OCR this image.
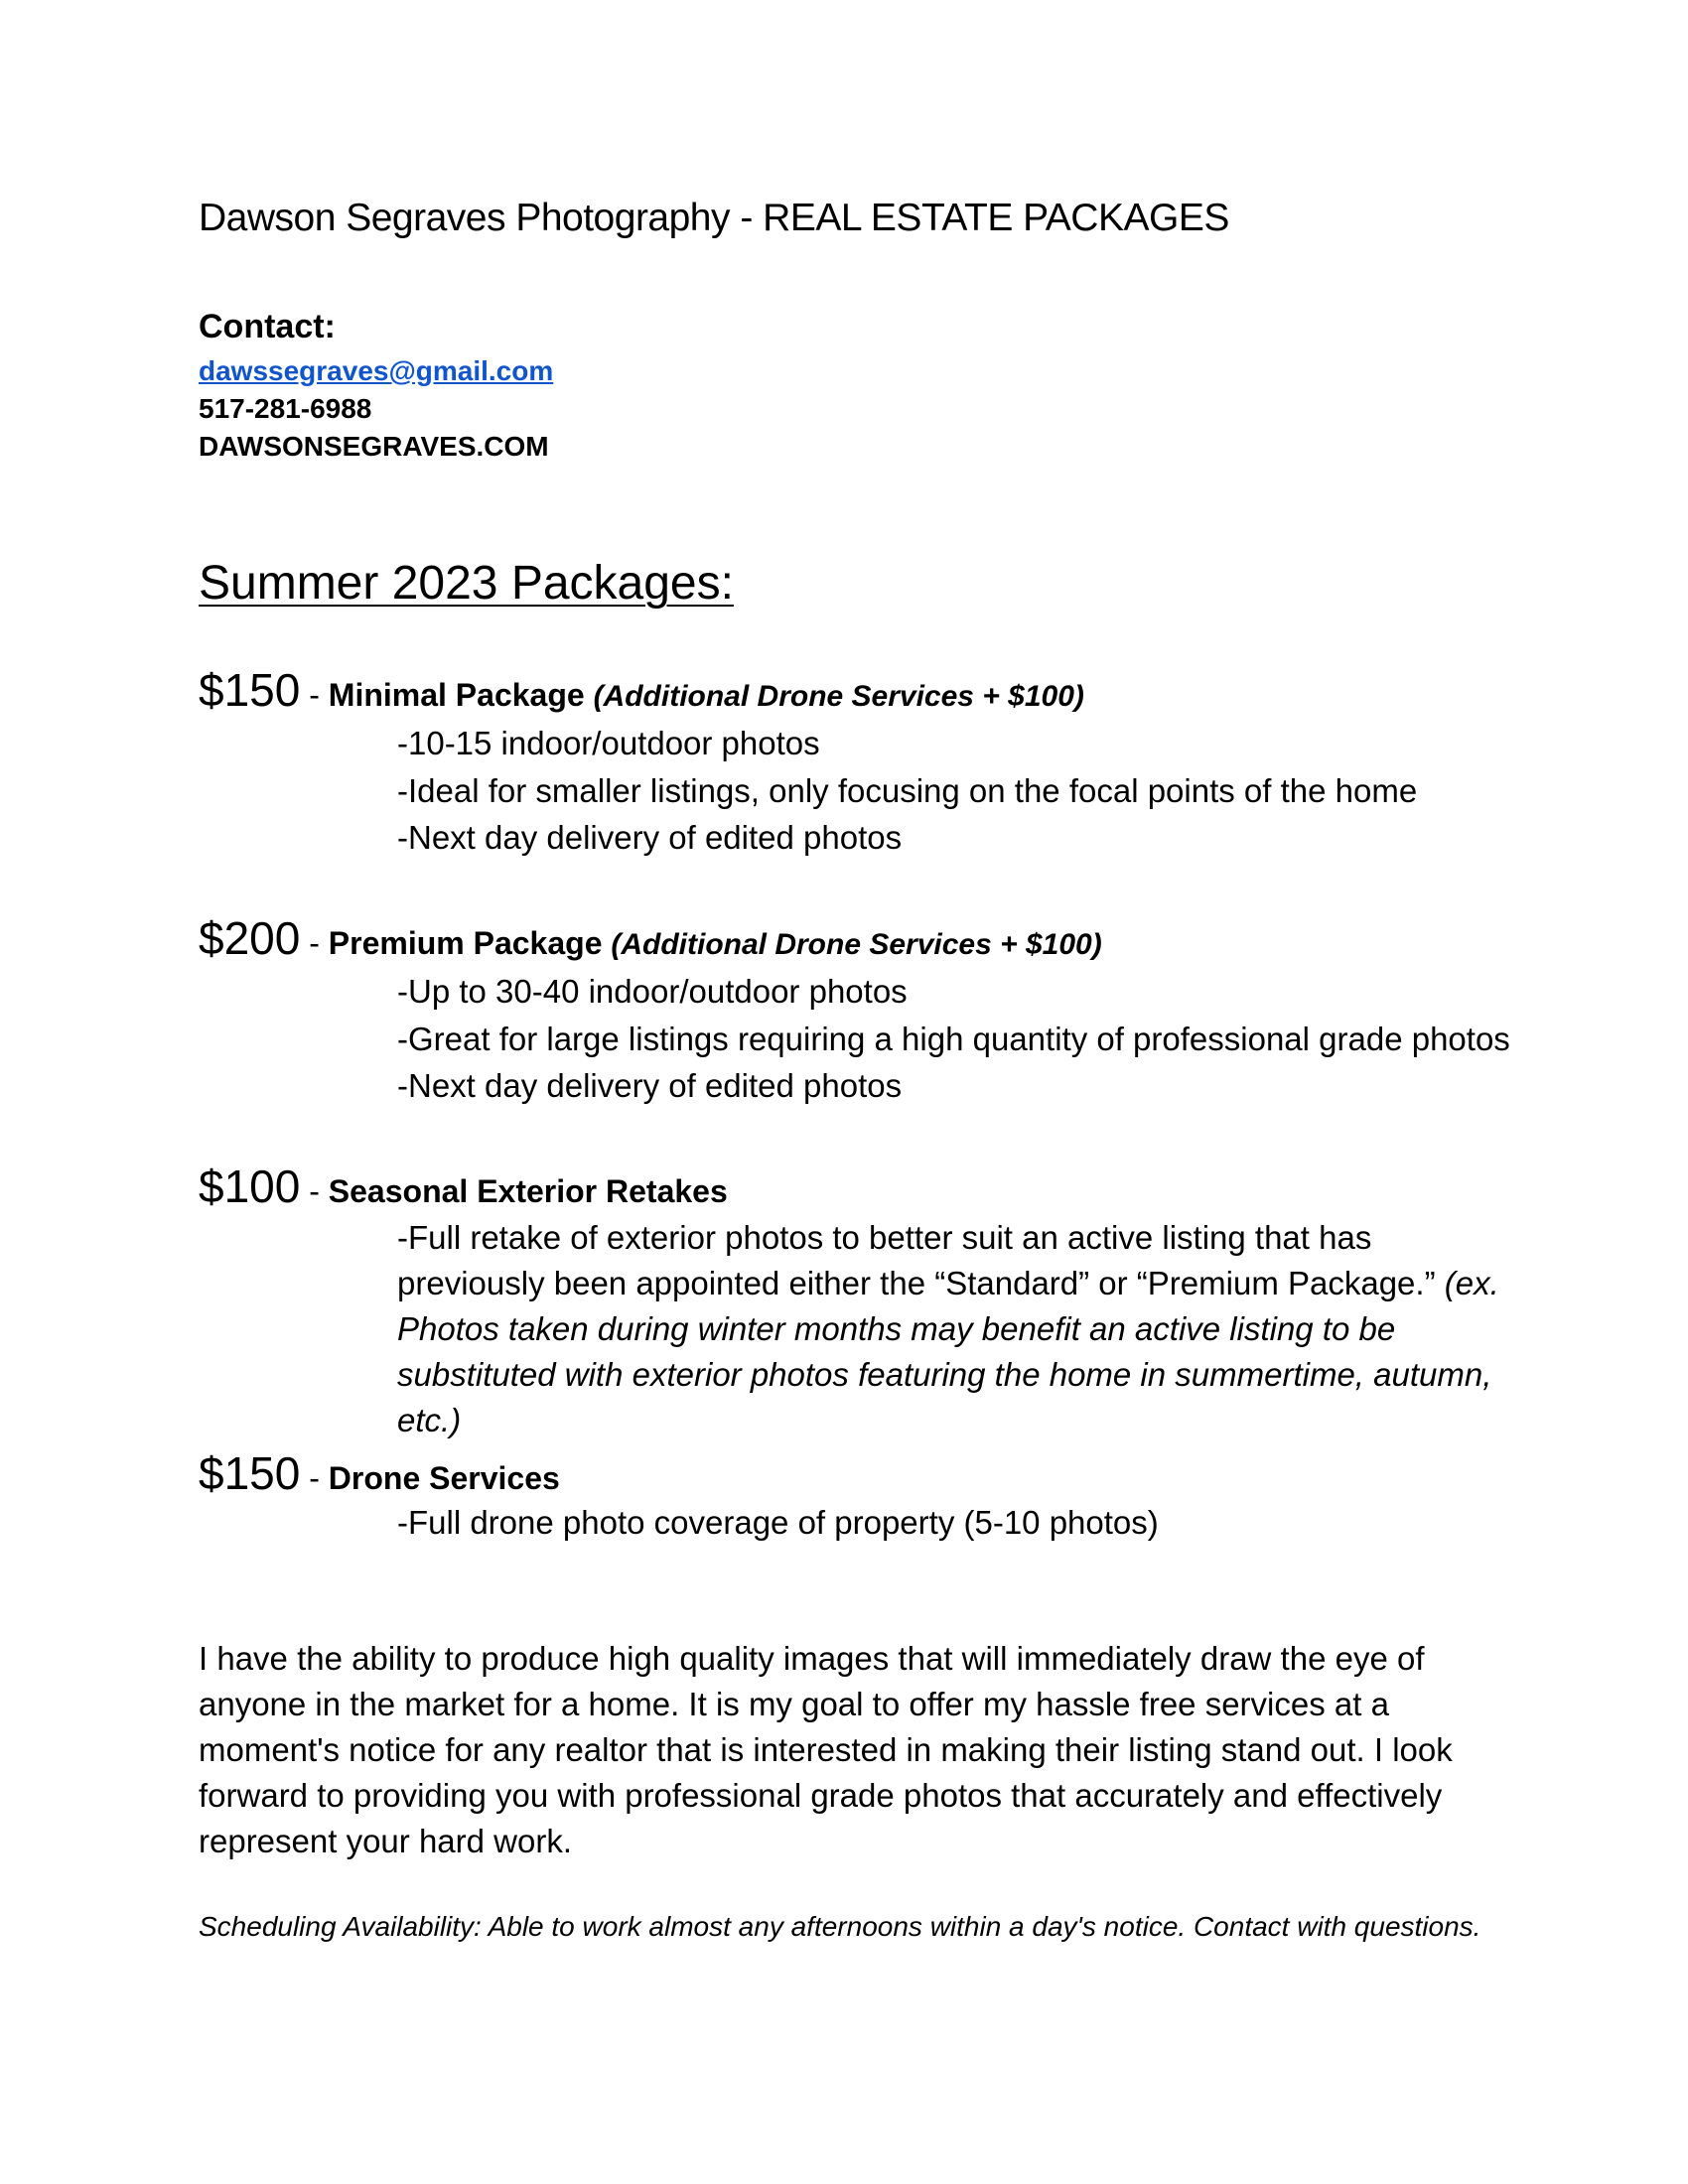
Dawson Segraves Photography - REAL ESTATE PACKAGES
Contact:
dawssegraves@gmail.com
517-281-6988
DAWSONSEGRAVES.COM
Summer 2023 Packages:
$150 - Minimal Package (Additional Drone Services + $100)
-10-15 indoor/outdoor photos
-Ideal for smaller listings, only focusing on the focal points of the home
-Next day delivery of edited photos
$200 - Premium Package (Additional Drone Services + $100)
-Up to 30-40 indoor/outdoor photos
-Great for large listings requiring a high quantity of professional grade photos
-Next day delivery of edited photos
$100 - Seasonal Exterior Retakes
-Full retake of exterior photos to better suit an active listing that has previously been appointed either the “Standard” or “Premium Package.” (ex. Photos taken during winter months may benefit an active listing to be substituted with exterior photos featuring the home in summertime, autumn, etc.)
$150 - Drone Services
-Full drone photo coverage of property (5-10 photos)
I have the ability to produce high quality images that will immediately draw the eye of anyone in the market for a home. It is my goal to offer my hassle free services at a moment's notice for any realtor that is interested in making their listing stand out. I look forward to providing you with professional grade photos that accurately and effectively represent your hard work.
Scheduling Availability: Able to work almost any afternoons within a day's notice. Contact with questions.
